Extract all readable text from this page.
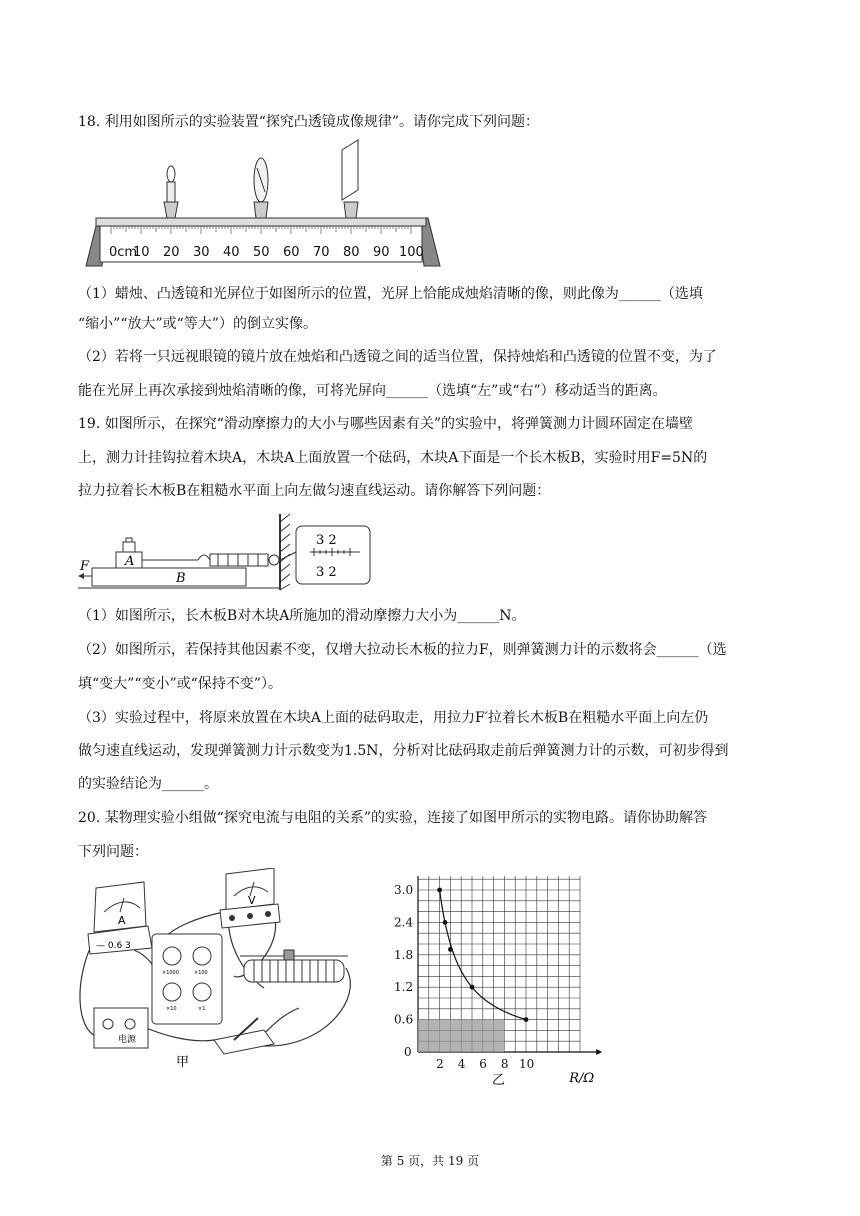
18. 利用如图所示的实验装置“探究凸透镜成像规律”。请你完成下列问题：
0cm
10 20 30 40 50 60 70 80 90 100
（1）蜡烛、凸透镜和光屏位于如图所示的位置，光屏上恰能成烛焰清晰的像，则此像为______（选填
“缩小”“放大”或“等大”）的倒立实像。
（2）若将一只远视眼镜的镜片放在烛焰和凸透镜之间的适当位置，保持烛焰和凸透镜的位置不变，为了
能在光屏上再次承接到烛焰清晰的像，可将光屏向______（选填“左”或“右”）移动适当的距离。
19. 如图所示，在探究“滑动摩擦力的大小与哪些因素有关”的实验中，将弹簧测力计圆环固定在墙壁
上，测力计挂钩拉着木块A，木块A上面放置一个砝码，木块A下面是一个长木板B，实验时用F=5N的
拉力拉着长木板B在粗糙水平面上向左做匀速直线运动。请你解答下列问题：
B
A
F
3 2
3 2
（1）如图所示，长木板B对木块A所施加的滑动摩擦力大小为______N。
（2）如图所示，若保持其他因素不变，仅增大拉动长木板的拉力F，则弹簧测力计的示数将会______（选
填“变大”“变小”或“保持不变”）。
（3）实验过程中，将原来放置在木块A上面的砝码取走，用拉力F′拉着长木板B在粗糙水平面上向左仍
做匀速直线运动，发现弹簧测力计示数变为1.5N，分析对比砝码取走前后弹簧测力计的示数，可初步得到
的实验结论为______。
20. 某物理实验小组做“探究电流与电阻的关系”的实验，连接了如图甲所示的实物电路。请你协助解答
下列问题：
A
— 0.6 3
V
×1000	×100
×10	×1
电源
甲	2 4 6 8 10
0.6
1.2
1.8
2.4
3.0
0
R/Ω
乙
第 5 页，共 19 页
